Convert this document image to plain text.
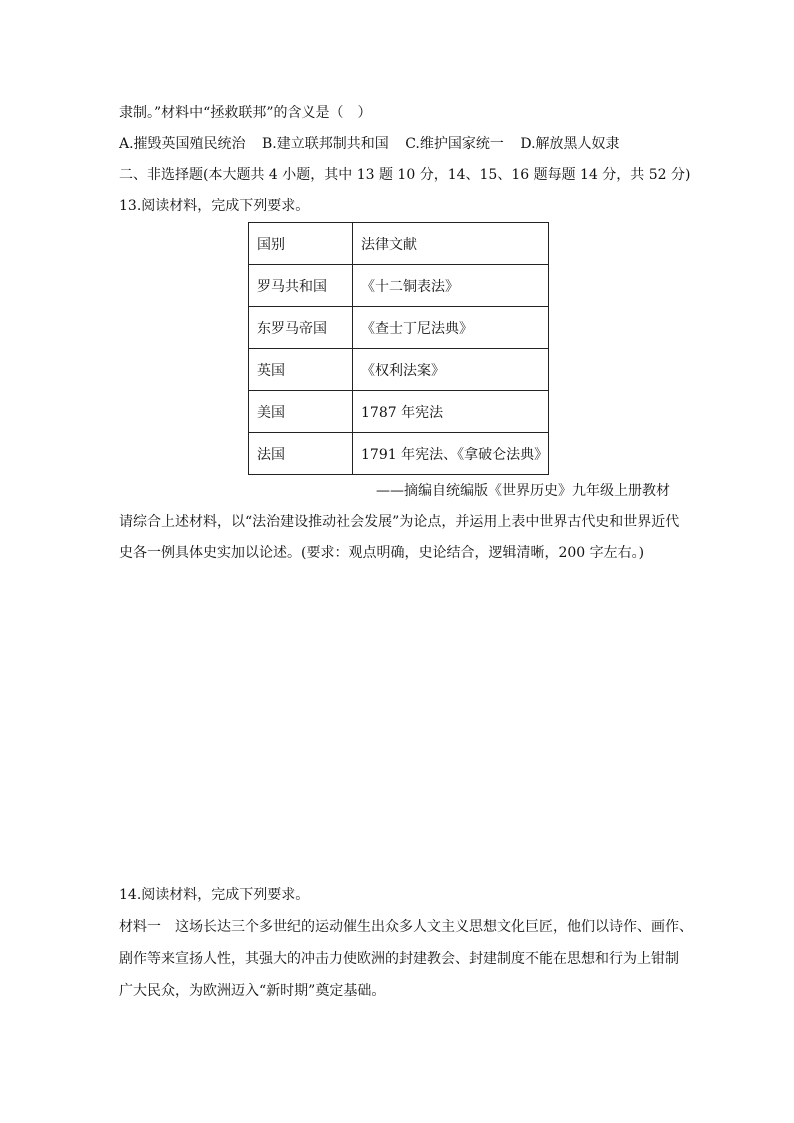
隶制。”材料中“拯救联邦”的含义是（　）
A.摧毁英国殖民统治 B.建立联邦制共和国 C.维护国家统一 D.解放黑人奴隶
二、非选择题(本大题共 4 小题，其中 13 题 10 分，14、15、16 题每题 14 分，共 52 分)
13.阅读材料，完成下列要求。
国别	法律文献
罗马共和国	《十二铜表法》
东罗马帝国	《查士丁尼法典》
英国	《权利法案》
美国	1787 年宪法
法国	1791 年宪法、《拿破仑法典》
——摘编自统编版《世界历史》九年级上册教材
请综合上述材料，以“法治建设推动社会发展”为论点，并运用上表中世界古代史和世界近代
史各一例具体史实加以论述。(要求：观点明确，史论结合，逻辑清晰，200 字左右。)
14.阅读材料，完成下列要求。
材料一　这场长达三个多世纪的运动催生出众多人文主义思想文化巨匠，他们以诗作、画作、
剧作等来宣扬人性，其强大的冲击力使欧洲的封建教会、封建制度不能在思想和行为上钳制
广大民众，为欧洲迈入“新时期”奠定基础。
